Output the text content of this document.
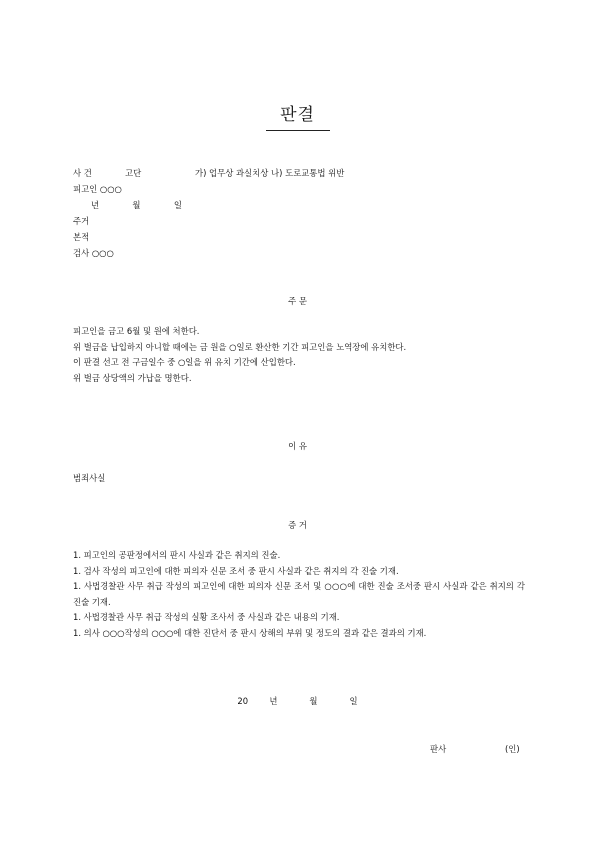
판결
사 건	고단	가) 업무상 과실치상 나) 도로교통법 위반
피고인 ○○○
년  월  일
주거
본적
검사 ○○○
주 문

피고인을 금고 6월 및 원에 처한다.

위 벌금을 납입하지 아니할 때에는 금 원을 ○일로 환산한 기간 피고인을 노역장에 유치한다.

이 판결 선고 전 구금일수 중 ○일을 위 유치 기간에 산입한다.

위 벌금 상당액의 가납을 명한다.

이 유
범죄사실
증 거

1. 피고인의 공판정에서의 판시 사실과 같은 취지의 진술.

1. 검사 작성의 피고인에 대한 피의자 신문 조서 중 판시 사실과 같은 취지의 각 진술 기재.

1. 사법경찰관 사무 취급 작성의 피고인에 대한 피의자 신문 조서 및 ○○○에 대한 진술 조서중 판시 사실과 같은 취지의 각 진술 기재.

1. 사법경찰관 사무 취급 작성의 실황 조사서 중 사실과 같은 내용의 기재.

1. 의사 ○○○작성의 ○○○에 대한 진단서 중 판시 상해의 부위 및 정도의 결과 같은 결과의 기재.

20  년   월   일
판사	(인)
